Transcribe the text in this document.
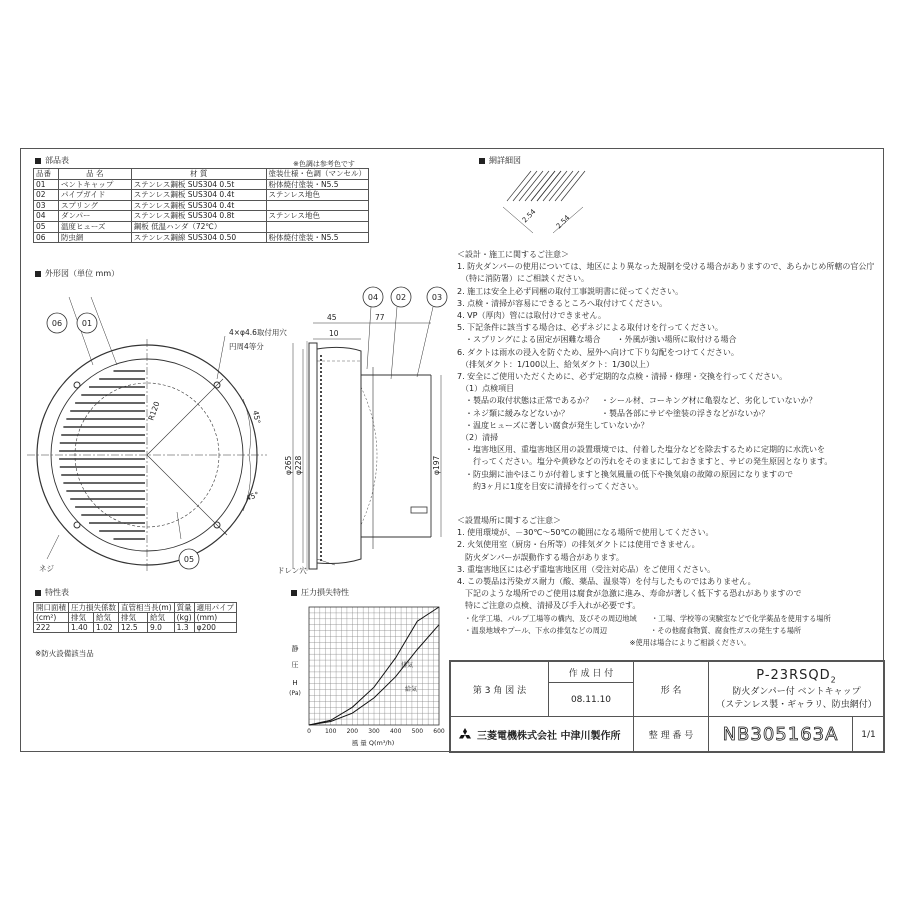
部品表	※色調は参考色です
品番	品 名	材 質	塗装仕様・色調（マンセル）
01	ベントキャップ	ステンレス鋼板 SUS304 0.5t	粉体焼付塗装・N5.5
02	パイプガイド	ステンレス鋼板 SUS304 0.4t	ステンレス地色
03	スプリング	ステンレス鋼板 SUS304 0.4t	
04	ダンパー	ステンレス鋼板 SUS304 0.8t	ステンレス地色
05	温度ヒューズ	鋼板 低温ハンダ（72℃）	
06	防虫網	ステンレス鋼線 SUS304 0.50	粉体焼付塗装・N5.5
外形図（単位 mm）
06 01
04 02	03
05
4×φ4.6取付用穴
円周4等分
R120	45°
45°
45	77
10
φ265 φ228	φ197
ネジ	ドレン穴
特性表
開口面積	圧力損失係数		直管相当長(m)		質量	適用パイプ
(cm²)	排気	給気	排気	給気	(kg)	(mm)
222	1.40	1.02	12.5	9.0	1.3	φ200
※防火設備該当品
圧力損失特性
0 100 200 300 400 500 600
静
圧
H
(Pa)
風 量 Q(m³/h)
排気
給気
網詳細図
2.54 2.54
＜設計・施工に関するご注意＞
1. 防火ダンパーの使用については、地区により異なった規制を受ける場合がありますので、あらかじめ所轄の官公庁
　（特に消防署）にご相談ください。
2. 施工は安全上必ず同梱の取付工事説明書に従ってください。
3. 点検・清掃が容易にできるところへ取付けてください。
4. VP（厚肉）管には取付けできません。
5. 下記条件に該当する場合は、必ずネジによる取付けを行ってください。
　・スプリングによる固定が困難な場合　　・外風が強い場所に取付ける場合
6. ダクトは雨水の浸入を防ぐため、屋外へ向けて下り勾配をつけてください。
　（排気ダクト：1/100以上、給気ダクト：1/30以上）
7. 安全にご使用いただくために、必ず定期的な点検・清掃・修理・交換を行ってください。
　（1）点検項目
　・製品の取付状態は正常であるか？　・シール材、コーキング材に亀裂など、劣化していないか？
　・ネジ類に緩みなどないか？　　　　・製品各部にサビや塗装の浮きなどがないか？
　・温度ヒューズに著しい腐食が発生していないか？
　（2）清掃
　・塩害地区用、重塩害地区用の設置環境では、付着した塩分などを除去するために定期的に水洗いを
　　行ってください。塩分や黄砂などの汚れをそのままにしておきますと、サビの発生原因となります。
　・防虫網に油やほこりが付着しますと換気風量の低下や換気扇の故障の原因になりますので
　　約3ヶ月に1度を目安に清掃を行ってください。
＜設置場所に関するご注意＞
1. 使用環境が、－30℃～50℃の範囲になる場所で使用してください。
2. 火気使用室（厨房・台所等）の排気ダクトには使用できません。
　防火ダンパーが誤動作する場合があります。
3. 重塩害地区には必ず重塩害地区用（受注対応品）をご使用ください。
4. この製品は汚染ガス耐力（酸、薬品、温泉等）を付与したものではありません。
　下記のような場所でのご使用は腐食が急激に進み、寿命が著しく低下する恐れがありますので
　特にご注意の点検、清掃及び手入れが必要です。
　・化学工場、パルプ工場等の構内、及びその周辺地域　　・工場、学校等の実験室などで化学薬品を使用する場所
　・温泉地域やプール、下水の排気などの周辺　　　　　　・その他腐食物質、腐食性ガスの発生する場所
　　　　　　　　　　　　　　　　　　　　　　　　※使用は場合によりご相談ください。
第 3 角 図 法
作 成 日 付
08.11.10
形 名
$P-23RSQD_2$
防火ダンパー付 ベントキャップ
（ステンレス製・ギャラリ、防虫網付）
三菱電機株式会社 中津川製作所	整 理 番 号	NB305163A	1/1
